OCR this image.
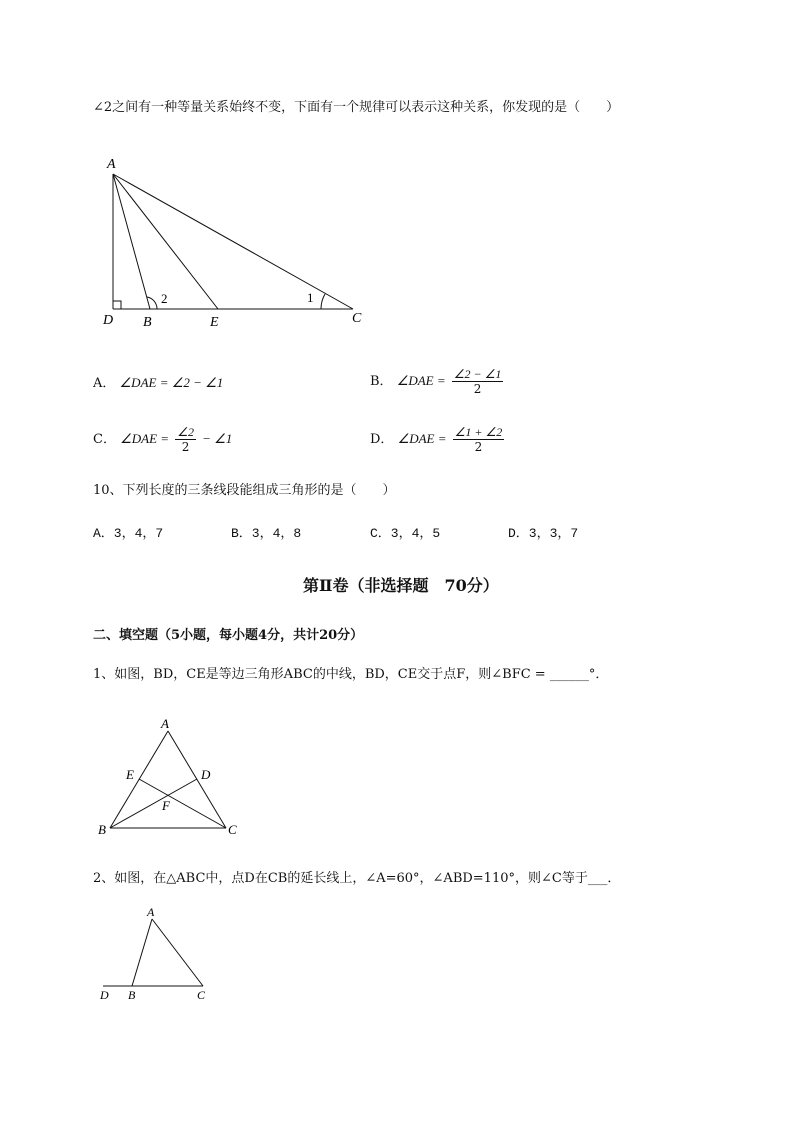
∠2之间有一种等量关系始终不变，下面有一个规律可以表示这种关系，你发现的是（　　）
A
D B	E	C
2	1
A． ∠DAE = ∠2 − ∠1	B． ∠DAE = $\frac{\angle 2 - \angle 1}{2}$
C． ∠DAE = $\frac{\angle 2}{2}$ − ∠1	D． ∠DAE = $\frac{\angle 1 + \angle 2}{2}$
10、下列长度的三条线段能组成三角形的是（　　）
A．3，4，7	B．3，4，8	C．3，4，5	D．3，3，7
第Ⅱ卷（非选择题　70分）
二、填空题（5小题，每小题4分，共计20分）
1、如图，BD，CE是等边三角形ABC的中线，BD，CE交于点F，则∠BFC = ______°．
A
E	D
F
B	C
2、如图，在△ABC中，点D在CB的延长线上，∠A=60°，∠ABD=110°，则∠C等于___．
A
D B	C
